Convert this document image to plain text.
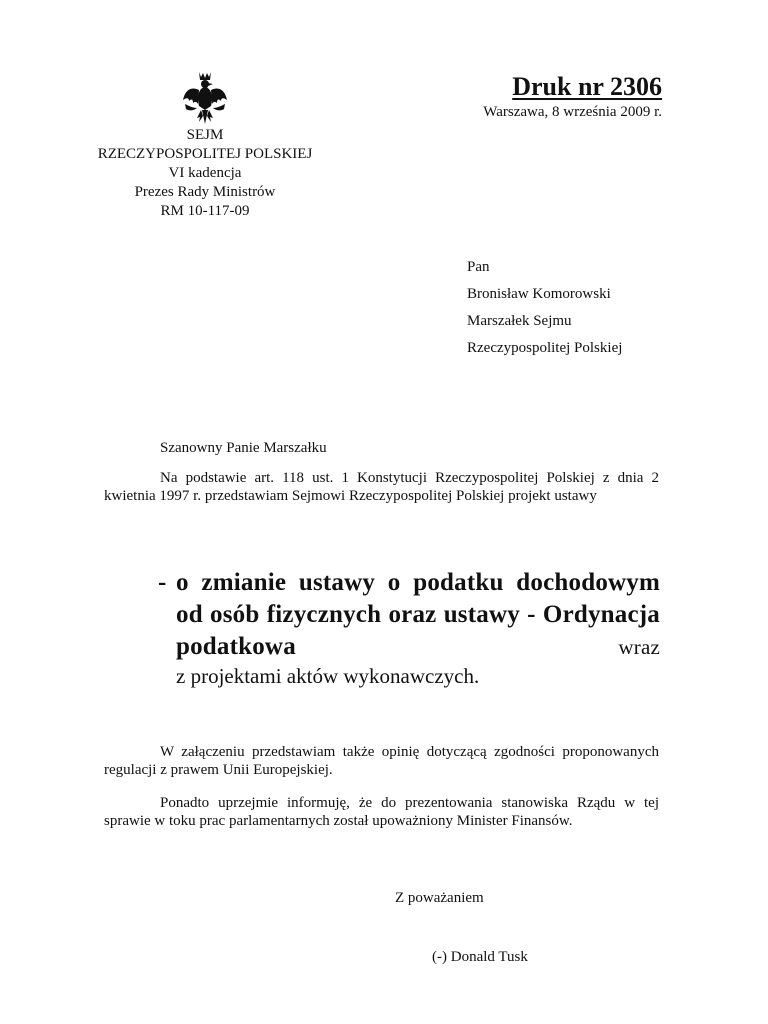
SEJM
RZECZYPOSPOLITEJ POLSKIEJ
VI kadencja
Prezes Rady Ministrów
RM 10-117-09
Druk nr 2306
Warszawa, 8 września 2009 r.
Pan
Bronisław Komorowski
Marszałek Sejmu
Rzeczypospolitej Polskiej
Szanowny Panie Marszałku
Na podstawie art. 118 ust. 1 Konstytucji Rzeczypospolitej Polskiej z dnia 2 kwietnia 1997 r. przedstawiam Sejmowi Rzeczypospolitej Polskiej projekt ustawy
- o zmianie ustawy o podatku dochodowym od osób fizycznych oraz ustawy - Ordynacja podatkowa	wraz
z projektami aktów wykonawczych.
W załączeniu przedstawiam także opinię dotyczącą zgodności proponowanych regulacji z prawem Unii Europejskiej.
Ponadto uprzejmie informuję, że do prezentowania stanowiska Rządu w tej sprawie w toku prac parlamentarnych został upoważniony Minister Finansów.
Z poważaniem
(-) Donald Tusk
